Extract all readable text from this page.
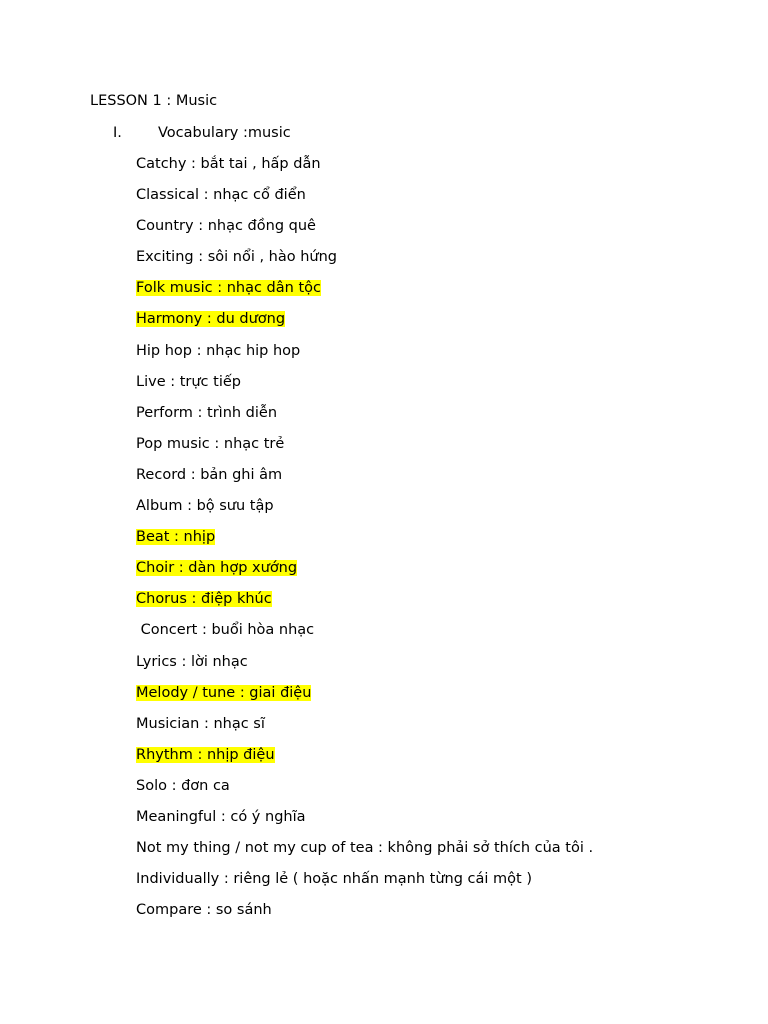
LESSON 1 : Music
I. Vocabulary :music
Catchy : bắt tai , hấp dẫn
Classical : nhạc cổ điển
Country : nhạc đồng quê
Exciting : sôi nổi , hào hứng
Folk music : nhạc dân tộc
Harmony : du dương
Hip hop : nhạc hip hop
Live : trực tiếp
Perform : trình diễn
Pop music : nhạc trẻ
Record : bản ghi âm
Album : bộ sưu tập
Beat : nhịp
Choir : dàn hợp xướng
Chorus : điệp khúc
Concert : buổi hòa nhạc
Lyrics : lời nhạc
Melody / tune : giai điệu
Musician : nhạc sĩ
Rhythm : nhịp điệu
Solo : đơn ca
Meaningful : có ý nghĩa
Not my thing / not my cup of tea : không phải sở thích của tôi .
Individually : riêng lẻ ( hoặc nhấn mạnh từng cái một )
Compare : so sánh
